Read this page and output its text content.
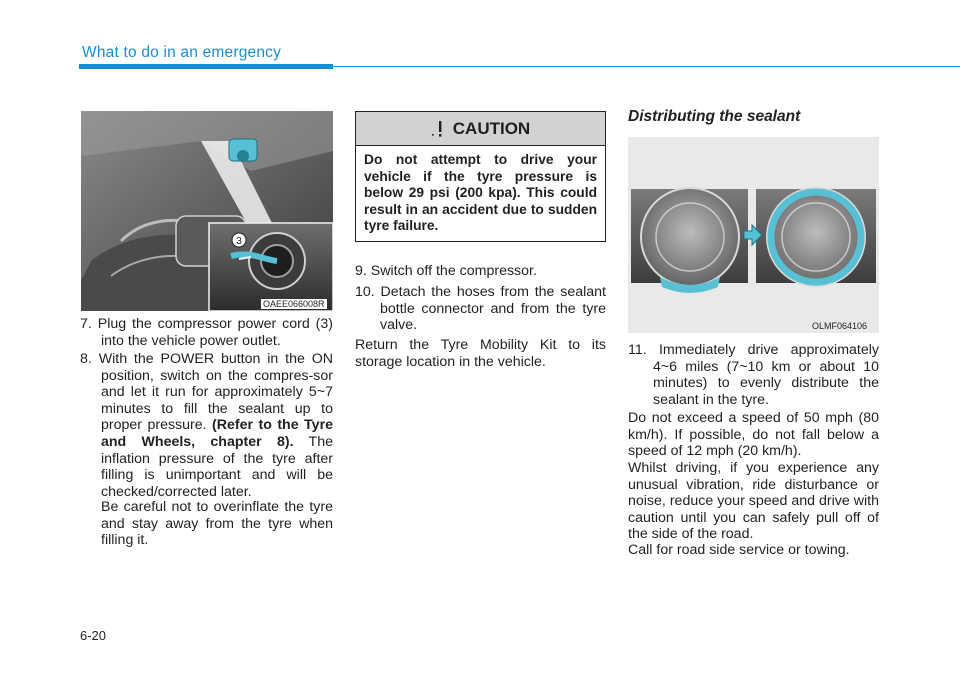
What to do in an emergency
3
OAEE066008R
7. Plug the compressor power cord (3) into the vehicle power outlet.
8. With the POWER button in the ON position, switch on the compres-sor and let it run for approximately 5~7 minutes to fill the sealant up to proper pressure. (Refer to the Tyre and Wheels, chapter 8). The inflation pressure of the tyre after filling is unimportant and will be checked/corrected later.
Be careful not to overinflate the tyre and stay away from the tyre when filling it.
CAUTION
Do not attempt to drive your vehicle if the tyre pressure is below 29 psi (200 kpa). This could result in an accident due to sudden tyre failure.
9. Switch off the compressor.
10. Detach the hoses from the sealant bottle connector and from the tyre valve.
Return the Tyre Mobility Kit to its storage location in the vehicle.
Distributing the sealant
OLMF064106
11. Immediately drive approximately 4~6 miles (7~10 km or about 10 minutes) to evenly distribute the sealant in the tyre.
Do not exceed a speed of 50 mph (80 km/h). If possible, do not fall below a speed of 12 mph (20 km/h).
Whilst driving, if you experience any unusual vibration, ride disturbance or noise, reduce your speed and drive with caution until you can safely pull off of the side of the road.
Call for road side service or towing.
6-20
